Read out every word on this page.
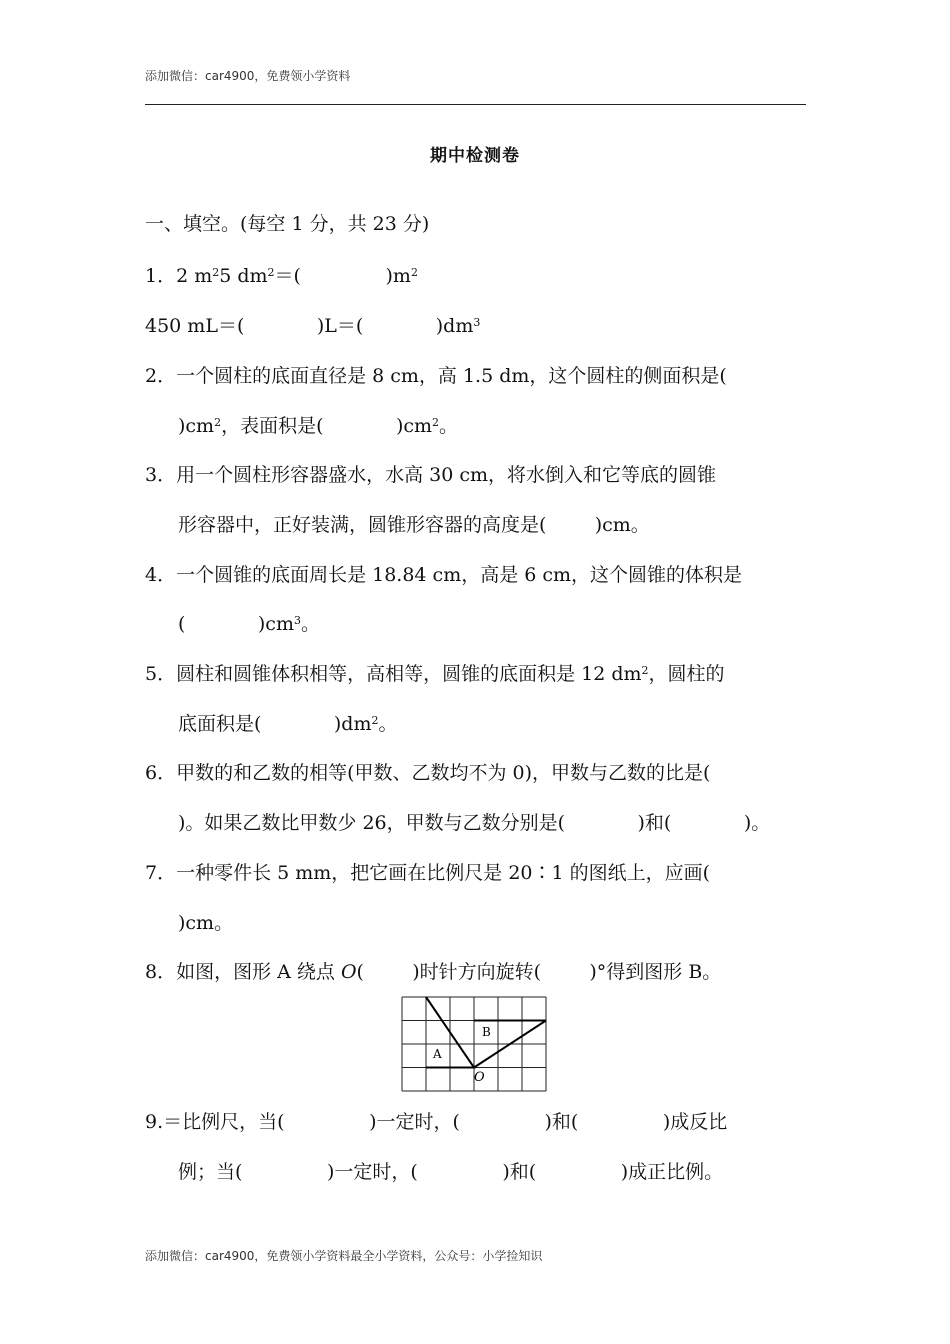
添加微信：car4900，免费领小学资料
期中检测卷
一、填空。(每空 1 分，共 23 分)
1．2 $m^25$ $dm^2=$(              )$m^2$
450 mL＝(            )L＝(            )$dm^3$
2．一个圆柱的底面直径是 8 cm，高 1.5 dm，这个圆柱的侧面积是(
)$cm^2$，表面积是(            )$cm^2$。
3．用一个圆柱形容器盛水，水高 30 cm，将水倒入和它等底的圆锥
形容器中，正好装满，圆锥形容器的高度是(        )cm。
4．一个圆锥的底面周长是 18.84 cm，高是 6 cm，这个圆锥的体积是
(            )$cm^3$。
5．圆柱和圆锥体积相等，高相等，圆锥的底面积是 12 $dm^2$，圆柱的
底面积是(            )$dm^2$。
6．甲数的和乙数的相等(甲数、乙数均不为 0)，甲数与乙数的比是(
)。如果乙数比甲数少 26，甲数与乙数分别是(            )和(            )。
7．一种零件长 5 mm，把它画在比例尺是 20∶1 的图纸上，应画(
)cm。
8．如图，图形 A 绕点 O(        )时针方向旋转(        )°得到图形 B。
A
B
O
9.＝比例尺，当(              )一定时，(              )和(              )成反比
例；当(              )一定时，(              )和(              )成正比例。
添加微信：car4900，免费领小学资料最全小学资料，公众号：小学捡知识
